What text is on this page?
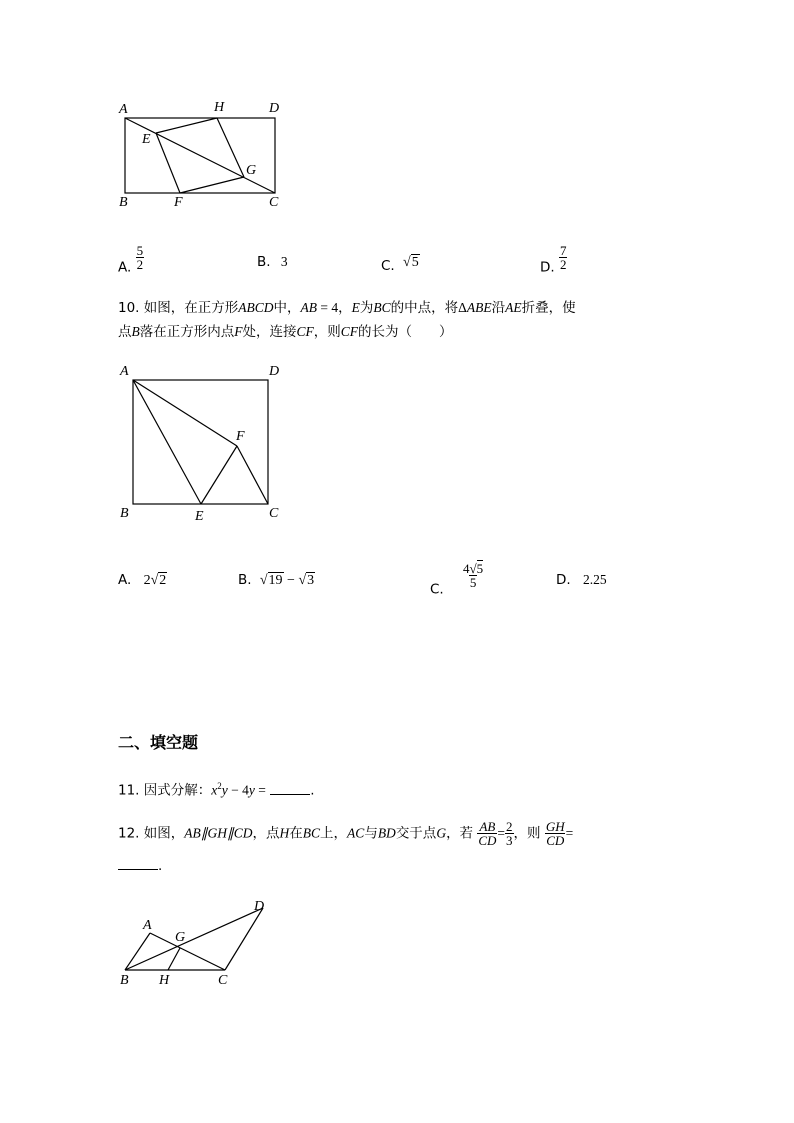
A	H	D
E
G
B	F	C
A. $\frac{5}{2}$	B. 3	C. √5	D. $\frac{7}{2}$
10. 如图，在正方形ABCD中，AB = 4，E为BC的中点，将ΔABE沿AE折叠，使
点B落在正方形内点F处，连接CF，则CF的长为（　　）
A	D
F
B	E	C
A. 2√2	B. √19 − √3
C.
$\frac{4√5}{5}$	D. 2.25
二、填空题
11. 因式分解：$x^2y - 4y$ =	.
12. 如图，AB∥GH∥CD，点H在BC上，AC与BD交于点G，若 $\frac{AB}{CD} = \frac{2}{3}$ ，则 $\frac{GH}{CD}$ =
.
A
G
D
B H	C
